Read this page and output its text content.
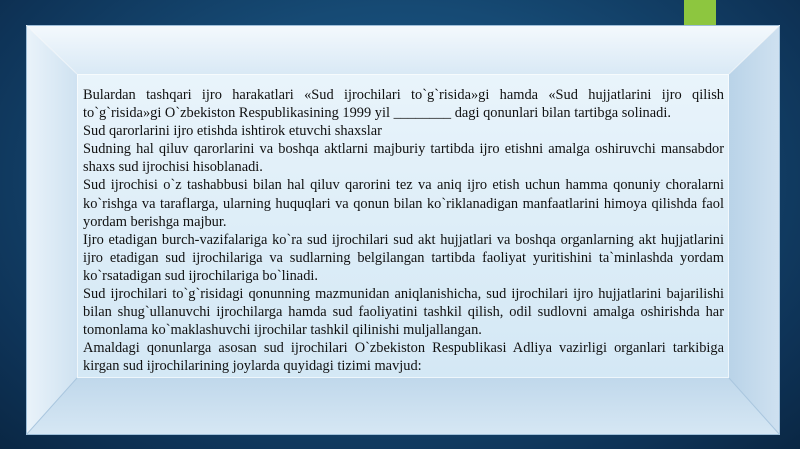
Bulardan tashqari ijro harakatlari «Sud ijrochilari to`g`risida»gi hamda «Sud hujjatlarini ijro qilish to`g`risida»gi O`zbekiston Respublikasining 1999 yil ________ dagi qonunlari bilan tartibga solinadi.

Sud qarorlarini ijro etishda ishtirok etuvchi shaxslar

Sudning hal qiluv qarorlarini va boshqa aktlarni majburiy tartibda ijro etishni amalga oshiruvchi mansabdor shaxs sud ijrochisi hisoblanadi.

Sud ijrochisi o`z tashabbusi bilan hal qiluv qarorini tez va aniq ijro etish uchun hamma qonuniy choralarni ko`rishga va taraflarga, ularning huquqlari va qonun bilan ko`riklanadigan manfaatlarini himoya qilishda faol yordam berishga majbur.

Ijro etadigan burch-vazifalariga ko`ra sud ijrochilari sud akt hujjatlari va boshqa organlarning akt hujjatlarini ijro etadigan sud ijrochilariga va sudlarning belgilangan tartibda faoliyat yuritishini ta`minlashda yordam ko`rsatadigan sud ijrochilariga bo`linadi.

Sud ijrochilari to`g`risidagi qonunning mazmunidan aniqlanishicha, sud ijrochilari ijro hujjatlarini bajarilishi bilan shug`ullanuvchi ijrochilarga hamda sud faoliyatini tashkil qilish, odil sudlovni amalga oshirishda har tomonlama ko`maklashuvchi ijrochilar tashkil qilinishi muljallangan.

Amaldagi qonunlarga asosan sud ijrochilari O`zbekiston Respublikasi Adliya vazirligi organlari tarkibiga kirgan sud ijrochilarining joylarda quyidagi tizimi mavjud:
